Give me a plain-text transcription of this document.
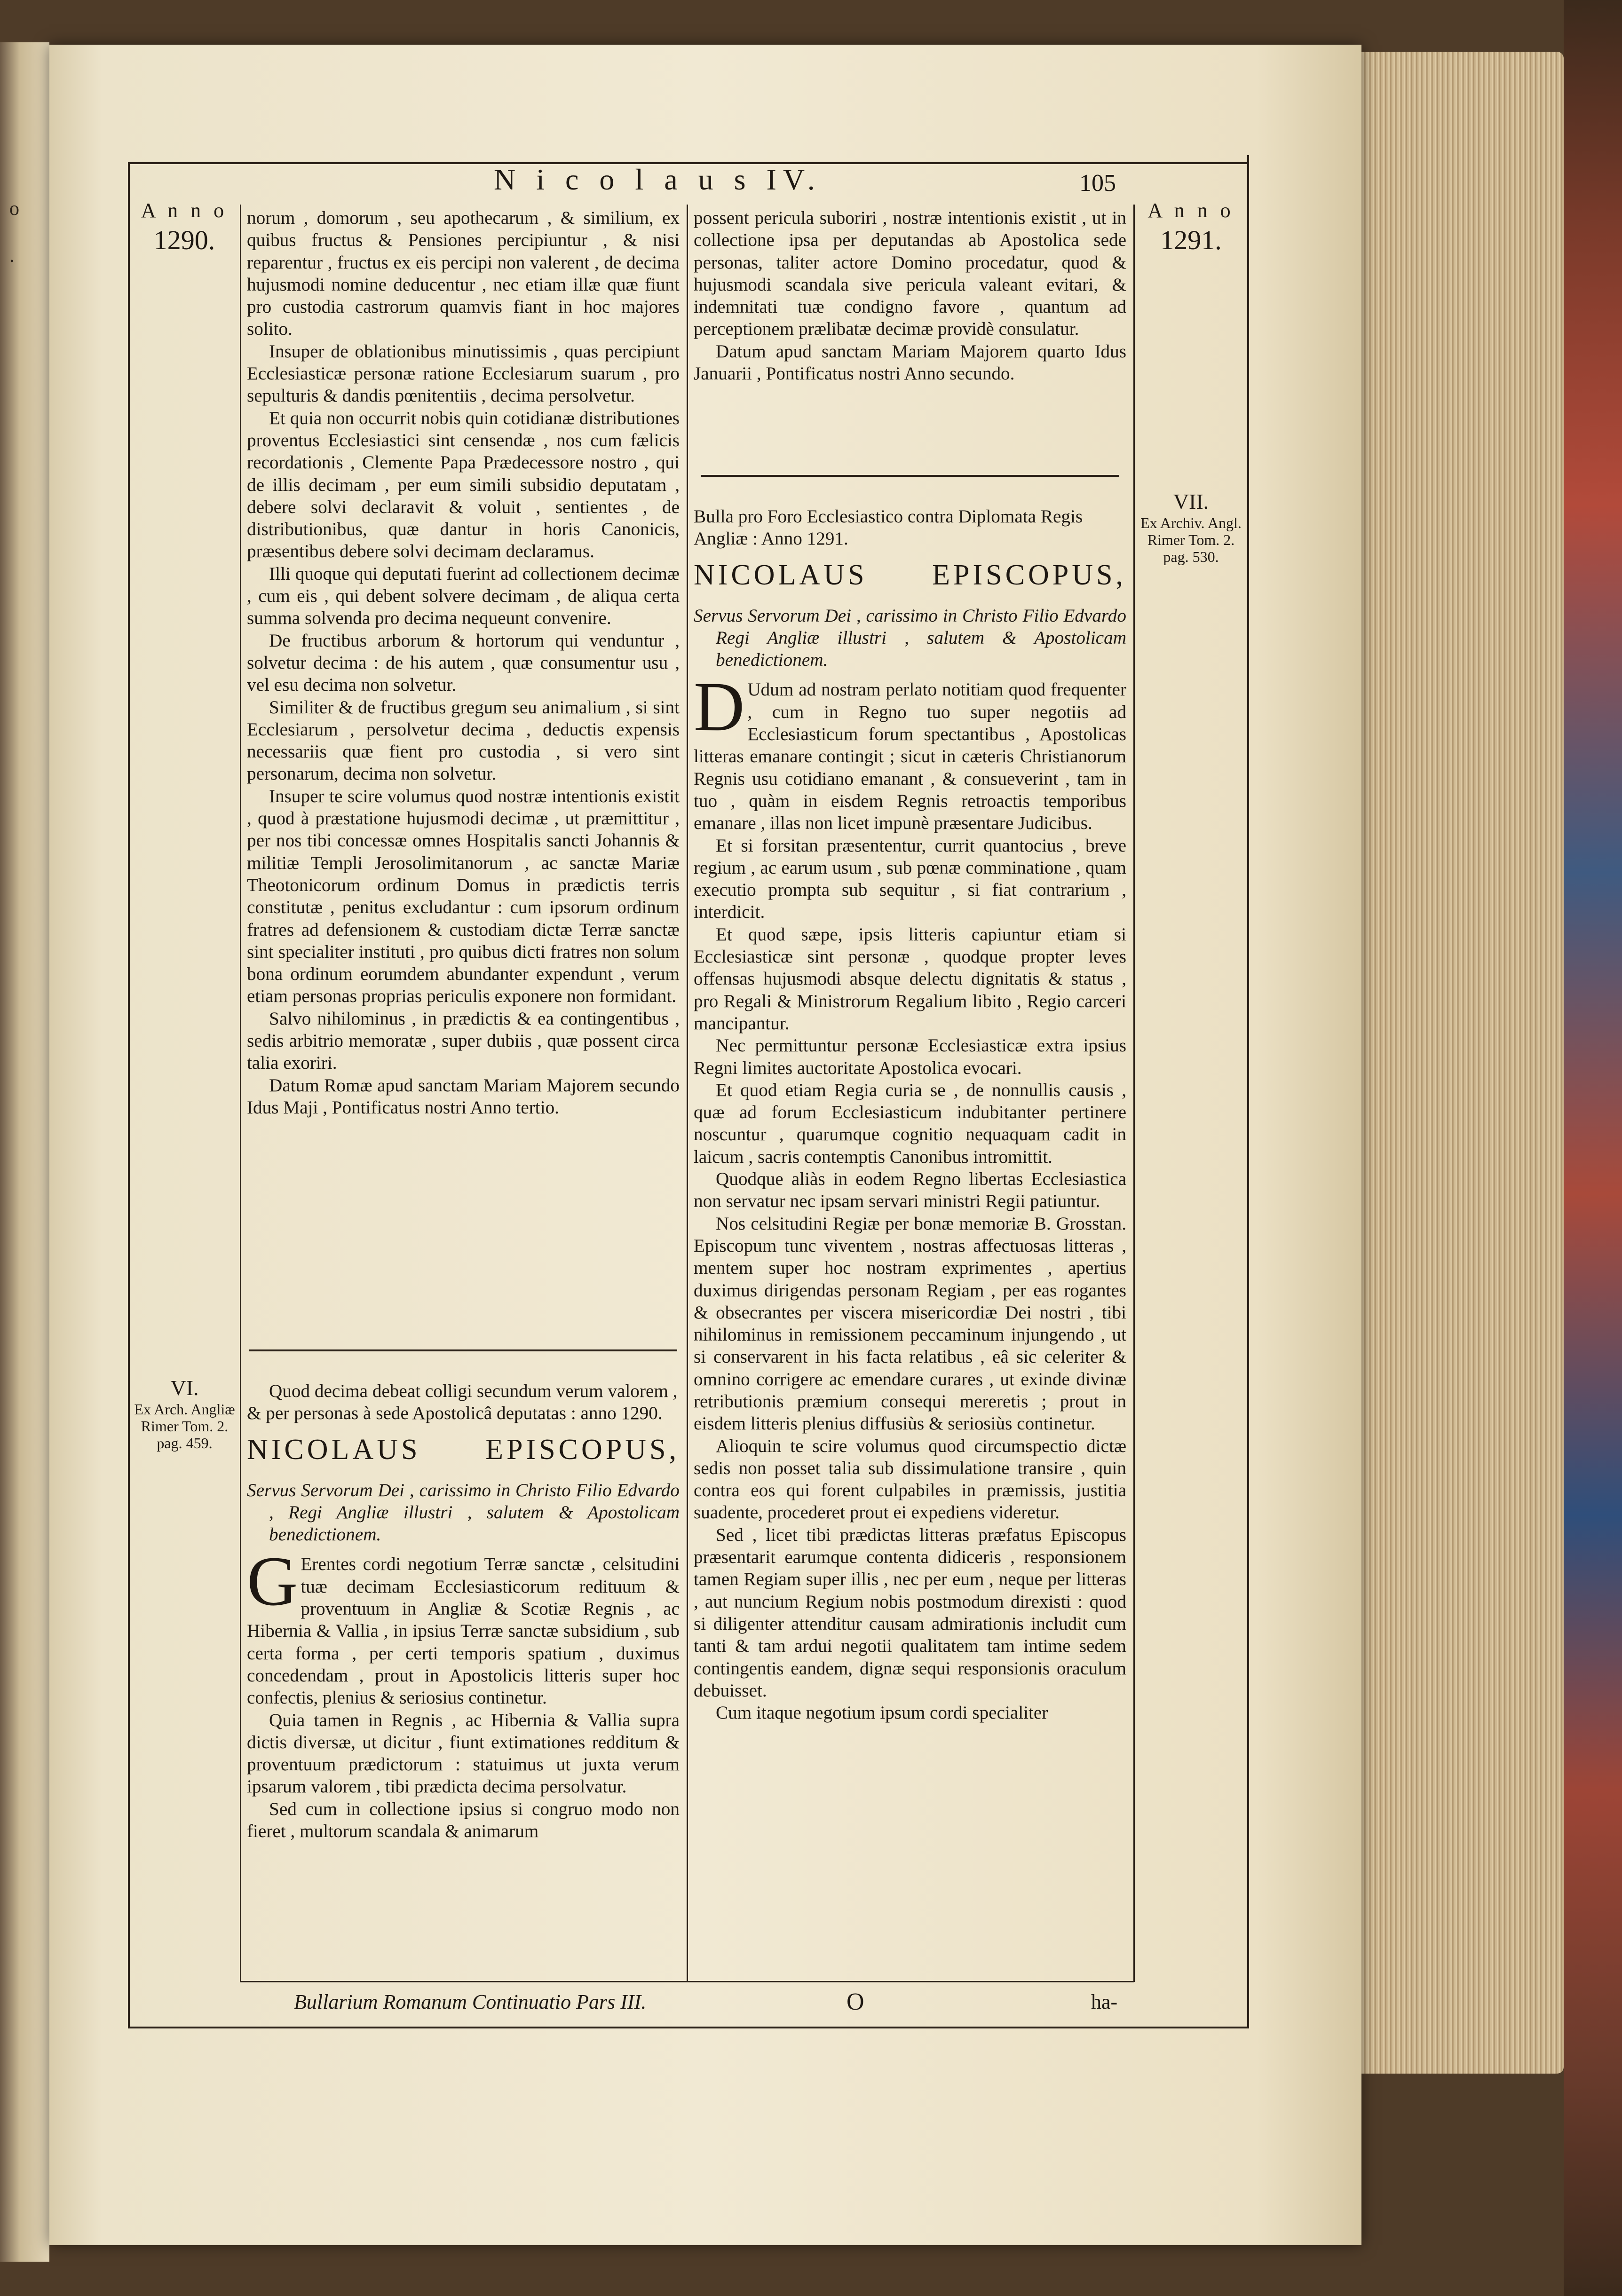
o
.
N i c o l a u s IV.	105
A n n o
1290.
A n n o
1291.
VI.
Ex Arch. Angliæ Rimer Tom. 2. pag. 459.
VII.
Ex Archiv. Angl. Rimer Tom. 2. pag. 530.

norum , domorum , seu apothecarum , & similium, ex quibus fructus & Pensiones percipiuntur , & nisi reparentur , fructus ex eis percipi non valerent , de decima hujusmodi nomine deducentur , nec etiam illæ quæ fiunt pro custodia castrorum quamvis fiant in hoc majores solito.

Insuper de oblationibus minutissimis , quas percipiunt Ecclesiasticæ personæ ratione Ecclesiarum suarum , pro sepulturis & dandis pœnitentiis , decima persolvetur.

Et quia non occurrit nobis quin cotidianæ distributiones proventus Ecclesiastici sint censendæ , nos cum fælicis recordationis , Clemente Papa Prædecessore nostro , qui de illis decimam , per eum simili subsidio deputatam , debere solvi declaravit & voluit , sentientes , de distributionibus, quæ dantur in horis Canonicis, præsentibus debere solvi decimam declaramus.

Illi quoque qui deputati fuerint ad collectionem decimæ , cum eis , qui debent solvere decimam , de aliqua certa summa solvenda pro decima nequeunt convenire.

De fructibus arborum & hortorum qui venduntur , solvetur decima : de his autem , quæ consumentur usu , vel esu decima non solvetur.

Similiter & de fructibus gregum seu animalium , si sint Ecclesiarum , persolvetur decima , deductis expensis necessariis quæ fient pro custodia , si vero sint personarum, decima non solvetur.

Insuper te scire volumus quod nostræ intentionis existit , quod à præstatione hujusmodi decimæ , ut præmittitur , per nos tibi concessæ omnes Hospitalis sancti Johannis & militiæ Templi Jerosolimitanorum , ac sanctæ Mariæ Theotonicorum ordinum Domus in prædictis terris constitutæ , penitus excludantur : cum ipsorum ordinum fratres ad defensionem & custodiam dictæ Terræ sanctæ sint specialiter instituti , pro quibus dicti fratres non solum bona ordinum eorumdem abundanter expendunt , verum etiam personas proprias periculis exponere non formidant.

Salvo nihilominus , in prædictis & ea contingentibus , sedis arbitrio memoratæ , super dubiis , quæ possent circa talia exoriri.

Datum Romæ apud sanctam Mariam Majorem secundo Idus Maji , Pontificatus nostri Anno tertio.

Quod decima debeat colligi secundum verum valorem , & per personas à sede Apostolicâ deputatas : anno 1290.

NICOLAUS EPISCOPUS,

Servus Servorum Dei , carissimo in Christo Filio Edvardo , Regi Angliæ illustri , salutem & Apostolicam benedictionem.

GErentes cordi negotium Terræ sanctæ , celsitudini tuæ decimam Ecclesiasticorum redituum & proventuum in Angliæ & Scotiæ Regnis , ac Hibernia & Vallia , in ipsius Terræ sanctæ subsidium , sub certa forma , per certi temporis spatium , duximus concedendam , prout in Apostolicis litteris super hoc confectis, plenius & seriosius continetur.

Quia tamen in Regnis , ac Hibernia & Vallia supra dictis diversæ, ut dicitur , fiunt extimationes redditum & proventuum prædictorum : statuimus ut juxta verum ipsarum valorem , tibi prædicta decima persolvatur.

Sed cum in collectione ipsius si congruo modo non fieret , multorum scandala & animarum

possent pericula suboriri , nostræ intentionis existit , ut in collectione ipsa per deputandas ab Apostolica sede personas, taliter actore Domino procedatur, quod & hujusmodi scandala sive pericula valeant evitari, & indemnitati tuæ condigno favore , quantum ad perceptionem prælibatæ decimæ providè consulatur.

Datum apud sanctam Mariam Majorem quarto Idus Januarii , Pontificatus nostri Anno secundo.

Bulla pro Foro Ecclesiastico contra Diplomata Regis Angliæ : Anno 1291.

NICOLAUS EPISCOPUS,

Servus Servorum Dei , carissimo in Christo Filio Edvardo Regi Angliæ illustri , salutem & Apostolicam benedictionem.

DUdum ad nostram perlato notitiam quod frequenter , cum in Regno tuo super negotiis ad Ecclesiasticum forum spectantibus , Apostolicas litteras emanare contingit ; sicut in cæteris Christianorum Regnis usu cotidiano emanant , & consueverint , tam in tuo , quàm in eisdem Regnis retroactis temporibus emanare , illas non licet impunè præsentare Judicibus.

Et si forsitan præsententur, currit quantocius , breve regium , ac earum usum , sub pœnæ comminatione , quam executio prompta sub sequitur , si fiat contrarium , interdicit.

Et quod sæpe, ipsis litteris capiuntur etiam si Ecclesiasticæ sint personæ , quodque propter leves offensas hujusmodi absque delectu dignitatis & status , pro Regali & Ministrorum Regalium libito , Regio carceri mancipantur.

Nec permittuntur personæ Ecclesiasticæ extra ipsius Regni limites auctoritate Apostolica evocari.

Et quod etiam Regia curia se , de nonnullis causis , quæ ad forum Ecclesiasticum indubitanter pertinere noscuntur , quarumque cognitio nequaquam cadit in laicum , sacris contemptis Canonibus intromittit.

Quodque aliàs in eodem Regno libertas Ecclesiastica non servatur nec ipsam servari ministri Regii patiuntur.

Nos celsitudini Regiæ per bonæ memoriæ B. Grosstan. Episcopum tunc viventem , nostras affectuosas litteras , mentem super hoc nostram exprimentes , apertius duximus dirigendas personam Regiam , per eas rogantes & obsecrantes per viscera misericordiæ Dei nostri , tibi nihilominus in remissionem peccaminum injungendo , ut si conservarent in his facta relatibus , eâ sic celeriter & omnino corrigere ac emendare curares , ut exinde divinæ retributionis præmium consequi mereretis ; prout in eisdem litteris plenius diffusiùs & seriosiùs continetur.

Alioquin te scire volumus quod circumspectio dictæ sedis non posset talia sub dissimulatione transire , quin contra eos qui forent culpabiles in præmissis, justitia suadente, procederet prout ei expediens videretur.

Sed , licet tibi prædictas litteras præfatus Episcopus præsentarit earumque contenta didiceris , responsionem tamen Regiam super illis , nec per eum , neque per litteras , aut nuncium Regium nobis postmodum direxisti : quod si diligenter attenditur causam admirationis includit cum tanti & tam ardui negotii qualitatem tam intime sedem contingentis eandem, dignæ sequi responsionis oraculum debuisset.

Cum itaque negotium ipsum cordi specialiter

Bullarium Romanum Continuatio Pars III.	O	ha-
